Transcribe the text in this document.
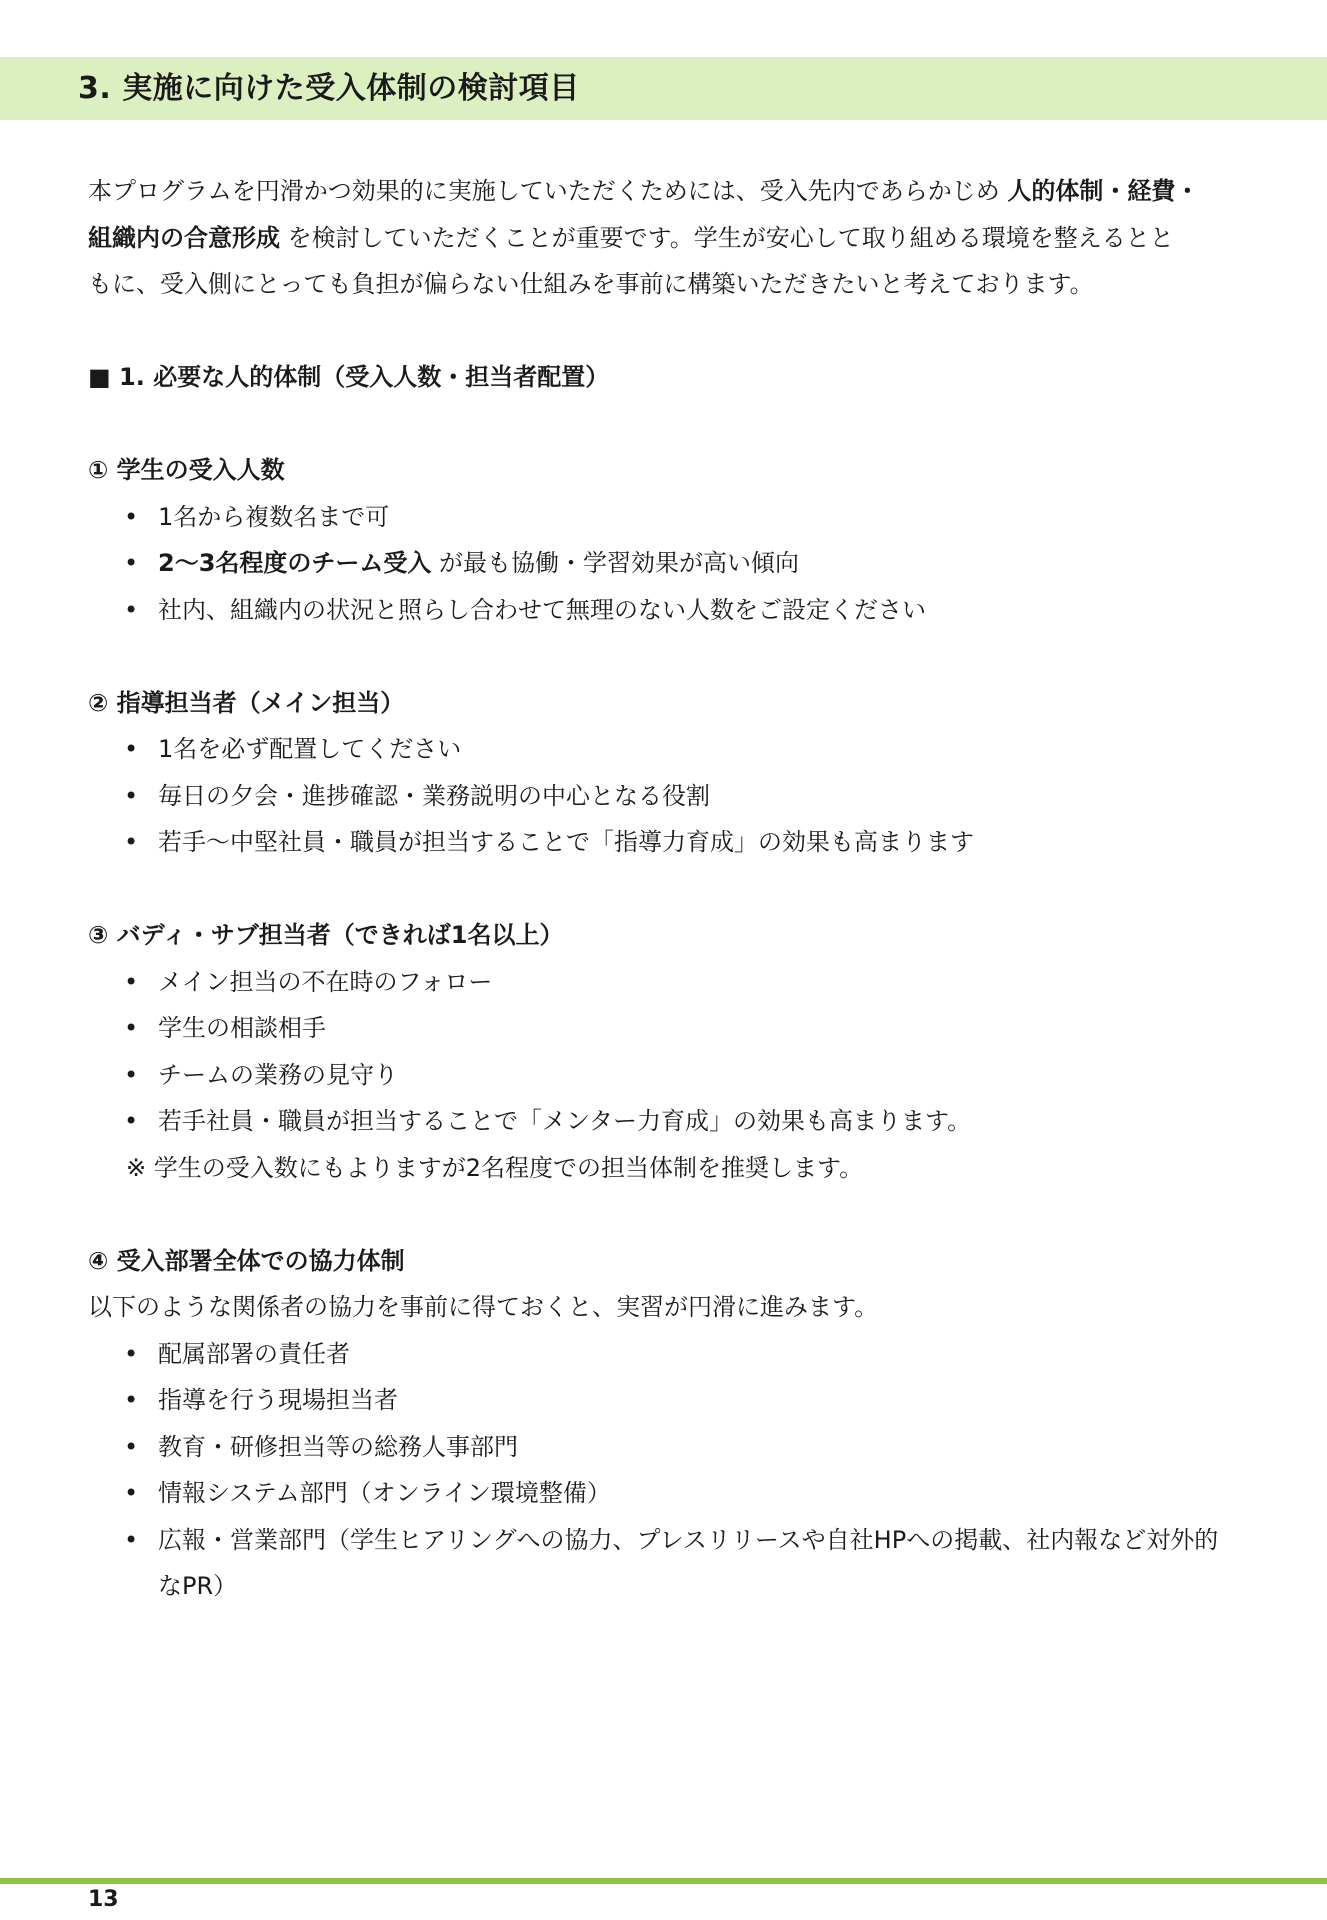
3. 実施に向けた受入体制の検討項目

本プログラムを円滑かつ効果的に実施していただくためには、受入先内であらかじめ 人的体制・経費・
組織内の合意形成 を検討していただくことが重要です。学生が安心して取り組める環境を整えるとと
もに、受入側にとっても負担が偏らない仕組みを事前に構築いただきたいと考えております。

■ 1. 必要な人的体制（受入人数・担当者配置）

① 学生の受入人数

• 1名から複数名まで可
• 2～3名程度のチーム受入 が最も協働・学習効果が高い傾向
• 社内、組織内の状況と照らし合わせて無理のない人数をご設定ください

② 指導担当者（メイン担当）

• 1名を必ず配置してください
• 毎日の夕会・進捗確認・業務説明の中心となる役割
• 若手～中堅社員・職員が担当することで「指導力育成」の効果も高まります

③ バディ・サブ担当者（できれば1名以上）

• メイン担当の不在時のフォロー
• 学生の相談相手
• チームの業務の見守り
• 若手社員・職員が担当することで「メンター力育成」の効果も高まります。

※ 学生の受入数にもよりますが2名程度での担当体制を推奨します。

④ 受入部署全体での協力体制

以下のような関係者の協力を事前に得ておくと、実習が円滑に進みます。

• 配属部署の責任者
• 指導を行う現場担当者
• 教育・研修担当等の総務人事部門
• 情報システム部門（オンライン環境整備）
• 広報・営業部門（学生ヒアリングへの協力、プレスリリースや自社HPへの掲載、社内報など対外的
なPR）
13
